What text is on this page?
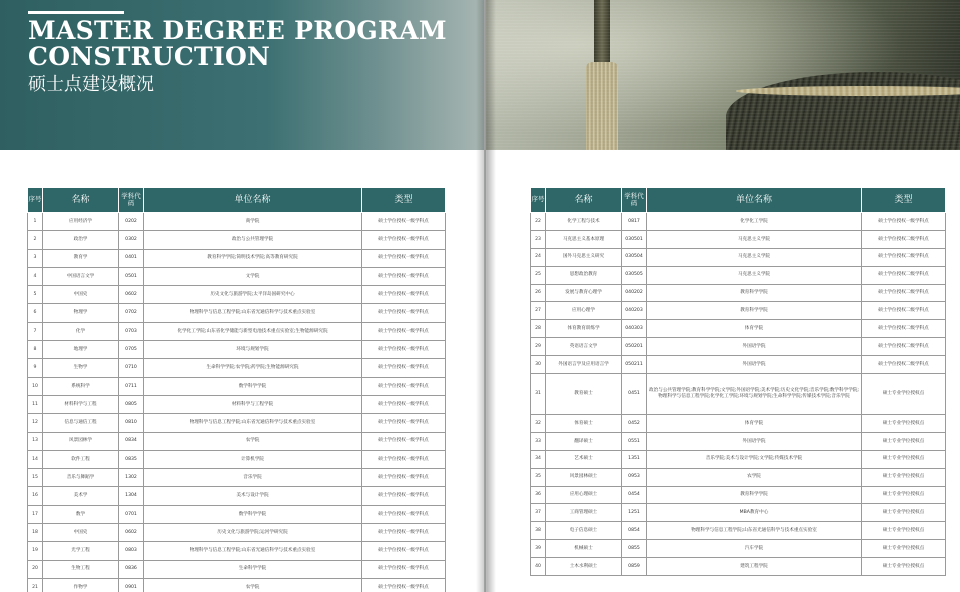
MASTER DEGREE PROGRAM
CONSTRUCTION
硕士点建设概况
序号	名称	学科代码	单位名称	类型
1	应用经济学	0202	商学院	硕士学位授权一级学科点
2	政治学	0302	政治与公共管理学院	硕士学位授权一级学科点
3	教育学	0401	教育科学学院;简明技术学院;高等教育研究院	硕士学位授权一级学科点
4	中国语言文学	0501	文学院	硕士学位授权一级学科点
5	中国史	0602	历史文化与旅游学院;太平洋岛国研究中心	硕士学位授权一级学科点
6	物理学	0702	物理科学与信息工程学院;山东省光通信科学与技术重点实验室	硕士学位授权一级学科点
7	化学	0703	化学化工学院;山东省化学储能与新型电池技术重点实验室;生物能源研究院	硕士学位授权一级学科点
8	地理学	0705	环境与规划学院	硕士学位授权一级学科点
9	生物学	0710	生命科学学院;农学院;药学院;生物能源研究院	硕士学位授权一级学科点
10	系统科学	0711	数学科学学院	硕士学位授权一级学科点
11	材料科学与工程	0805	材料科学与工程学院	硕士学位授权一级学科点
12	信息与通信工程	0810	物理科学与信息工程学院;山东省光通信科学与技术重点实验室	硕士学位授权一级学科点
13	风景园林学	0834	农学院	硕士学位授权一级学科点
14	软件工程	0835	计算机学院	硕士学位授权一级学科点
15	音乐与舞蹈学	1302	音乐学院	硕士学位授权一级学科点
16	美术学	1304	美术与设计学院	硕士学位授权一级学科点
17	数学	0701	数学科学学院	硕士学位授权一级学科点
18	中国史	0602	历史文化与旅游学院;运河学研究院	硕士学位授权一级学科点
19	光学工程	0803	物理科学与信息工程学院;山东省光通信科学与技术重点实验室	硕士学位授权一级学科点
20	生物工程	0836	生命科学学院	硕士学位授权一级学科点
21	作物学	0901	农学院	硕士学位授权一级学科点
序号	名称	学科代码	单位名称	类型
22	化学工程与技术	0817	化学化工学院	硕士学位授权一级学科点
23	马克思主义基本原理	030501	马克思主义学院	硕士学位授权二级学科点
24	国外马克思主义研究	030504	马克思主义学院	硕士学位授权二级学科点
25	思想政治教育	030505	马克思主义学院	硕士学位授权二级学科点
26	发展与教育心理学	040202	教育科学学院	硕士学位授权二级学科点
27	应用心理学	040203	教育科学学院	硕士学位授权二级学科点
28	体育教育训练学	040303	体育学院	硕士学位授权二级学科点
29	英语语言文学	050201	外国语学院	硕士学位授权二级学科点
30	外国语言学及应用语言学	050211	外国语学院	硕士学位授权二级学科点
31	教育硕士	0451	政治与公共管理学院;教育科学学院;文学院;外国语学院;美术学院;历史文化学院;音乐学院;数学科学学院;物理科学与信息工程学院;化学化工学院;环境与规划学院;生命科学学院;传媒技术学院;音乐学院	硕士专业学位授权点
32	体育硕士	0452	体育学院	硕士专业学位授权点
33	翻译硕士	0551	外国语学院	硕士专业学位授权点
34	艺术硕士	1351	音乐学院;美术与设计学院;文学院;传媒技术学院	硕士专业学位授权点
35	风景园林硕士	0953	农学院	硕士专业学位授权点
36	应用心理硕士	0454	教育科学学院	硕士专业学位授权点
37	工商管理硕士	1251	MBA教育中心	硕士专业学位授权点
38	电子信息硕士	0854	物理科学与信息工程学院;山东省光通信科学与技术重点实验室	硕士专业学位授权点
39	机械硕士	0855	汽车学院	硕士专业学位授权点
40	土木水利硕士	0859	建筑工程学院	硕士专业学位授权点
